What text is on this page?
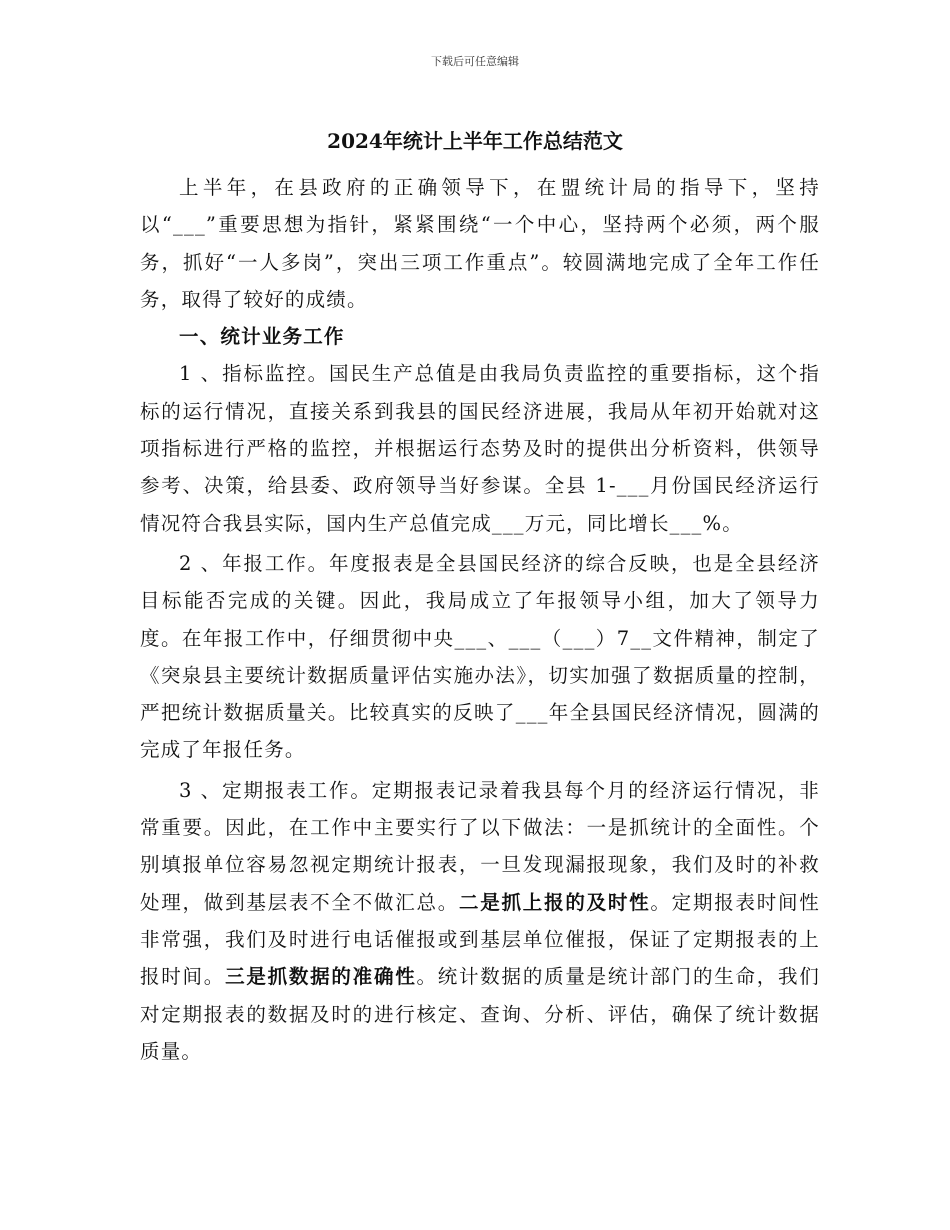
下载后可任意编辑
2024年统计上半年工作总结范文

上半年，在县政府的正确领导下，在盟统计局的指导下，坚持以“___”重要思想为指针，紧紧围绕“一个中心，坚持两个必须，两个服务，抓好“一人多岗”，突出三项工作重点”。较圆满地完成了全年工作任务，取得了较好的成绩。

一、统计业务工作

1 、指标监控。国民生产总值是由我局负责监控的重要指标，这个指标的运行情况，直接关系到我县的国民经济进展，我局从年初开始就对这项指标进行严格的监控，并根据运行态势及时的提供出分析资料，供领导参考、决策，给县委、政府领导当好参谋。全县 1-___月份国民经济运行情况符合我县实际，国内生产总值完成___万元，同比增长___%。

2 、年报工作。年度报表是全县国民经济的综合反映，也是全县经济目标能否完成的关键。因此，我局成立了年报领导小组，加大了领导力度。在年报工作中，仔细贯彻中央___、___（___）7__文件精神，制定了《突泉县主要统计数据质量评估实施办法》，切实加强了数据质量的控制，严把统计数据质量关。比较真实的反映了___年全县国民经济情况，圆满的完成了年报任务。

3 、定期报表工作。定期报表记录着我县每个月的经济运行情况，非常重要。因此，在工作中主要实行了以下做法：一是抓统计的全面性。个别填报单位容易忽视定期统计报表，一旦发现漏报现象，我们及时的补救处理，做到基层表不全不做汇总。二是抓上报的及时性。定期报表时间性非常强，我们及时进行电话催报或到基层单位催报，保证了定期报表的上报时间。三是抓数据的准确性。统计数据的质量是统计部门的生命，我们对定期报表的数据及时的进行核定、查询、分析、评估，确保了统计数据质量。
